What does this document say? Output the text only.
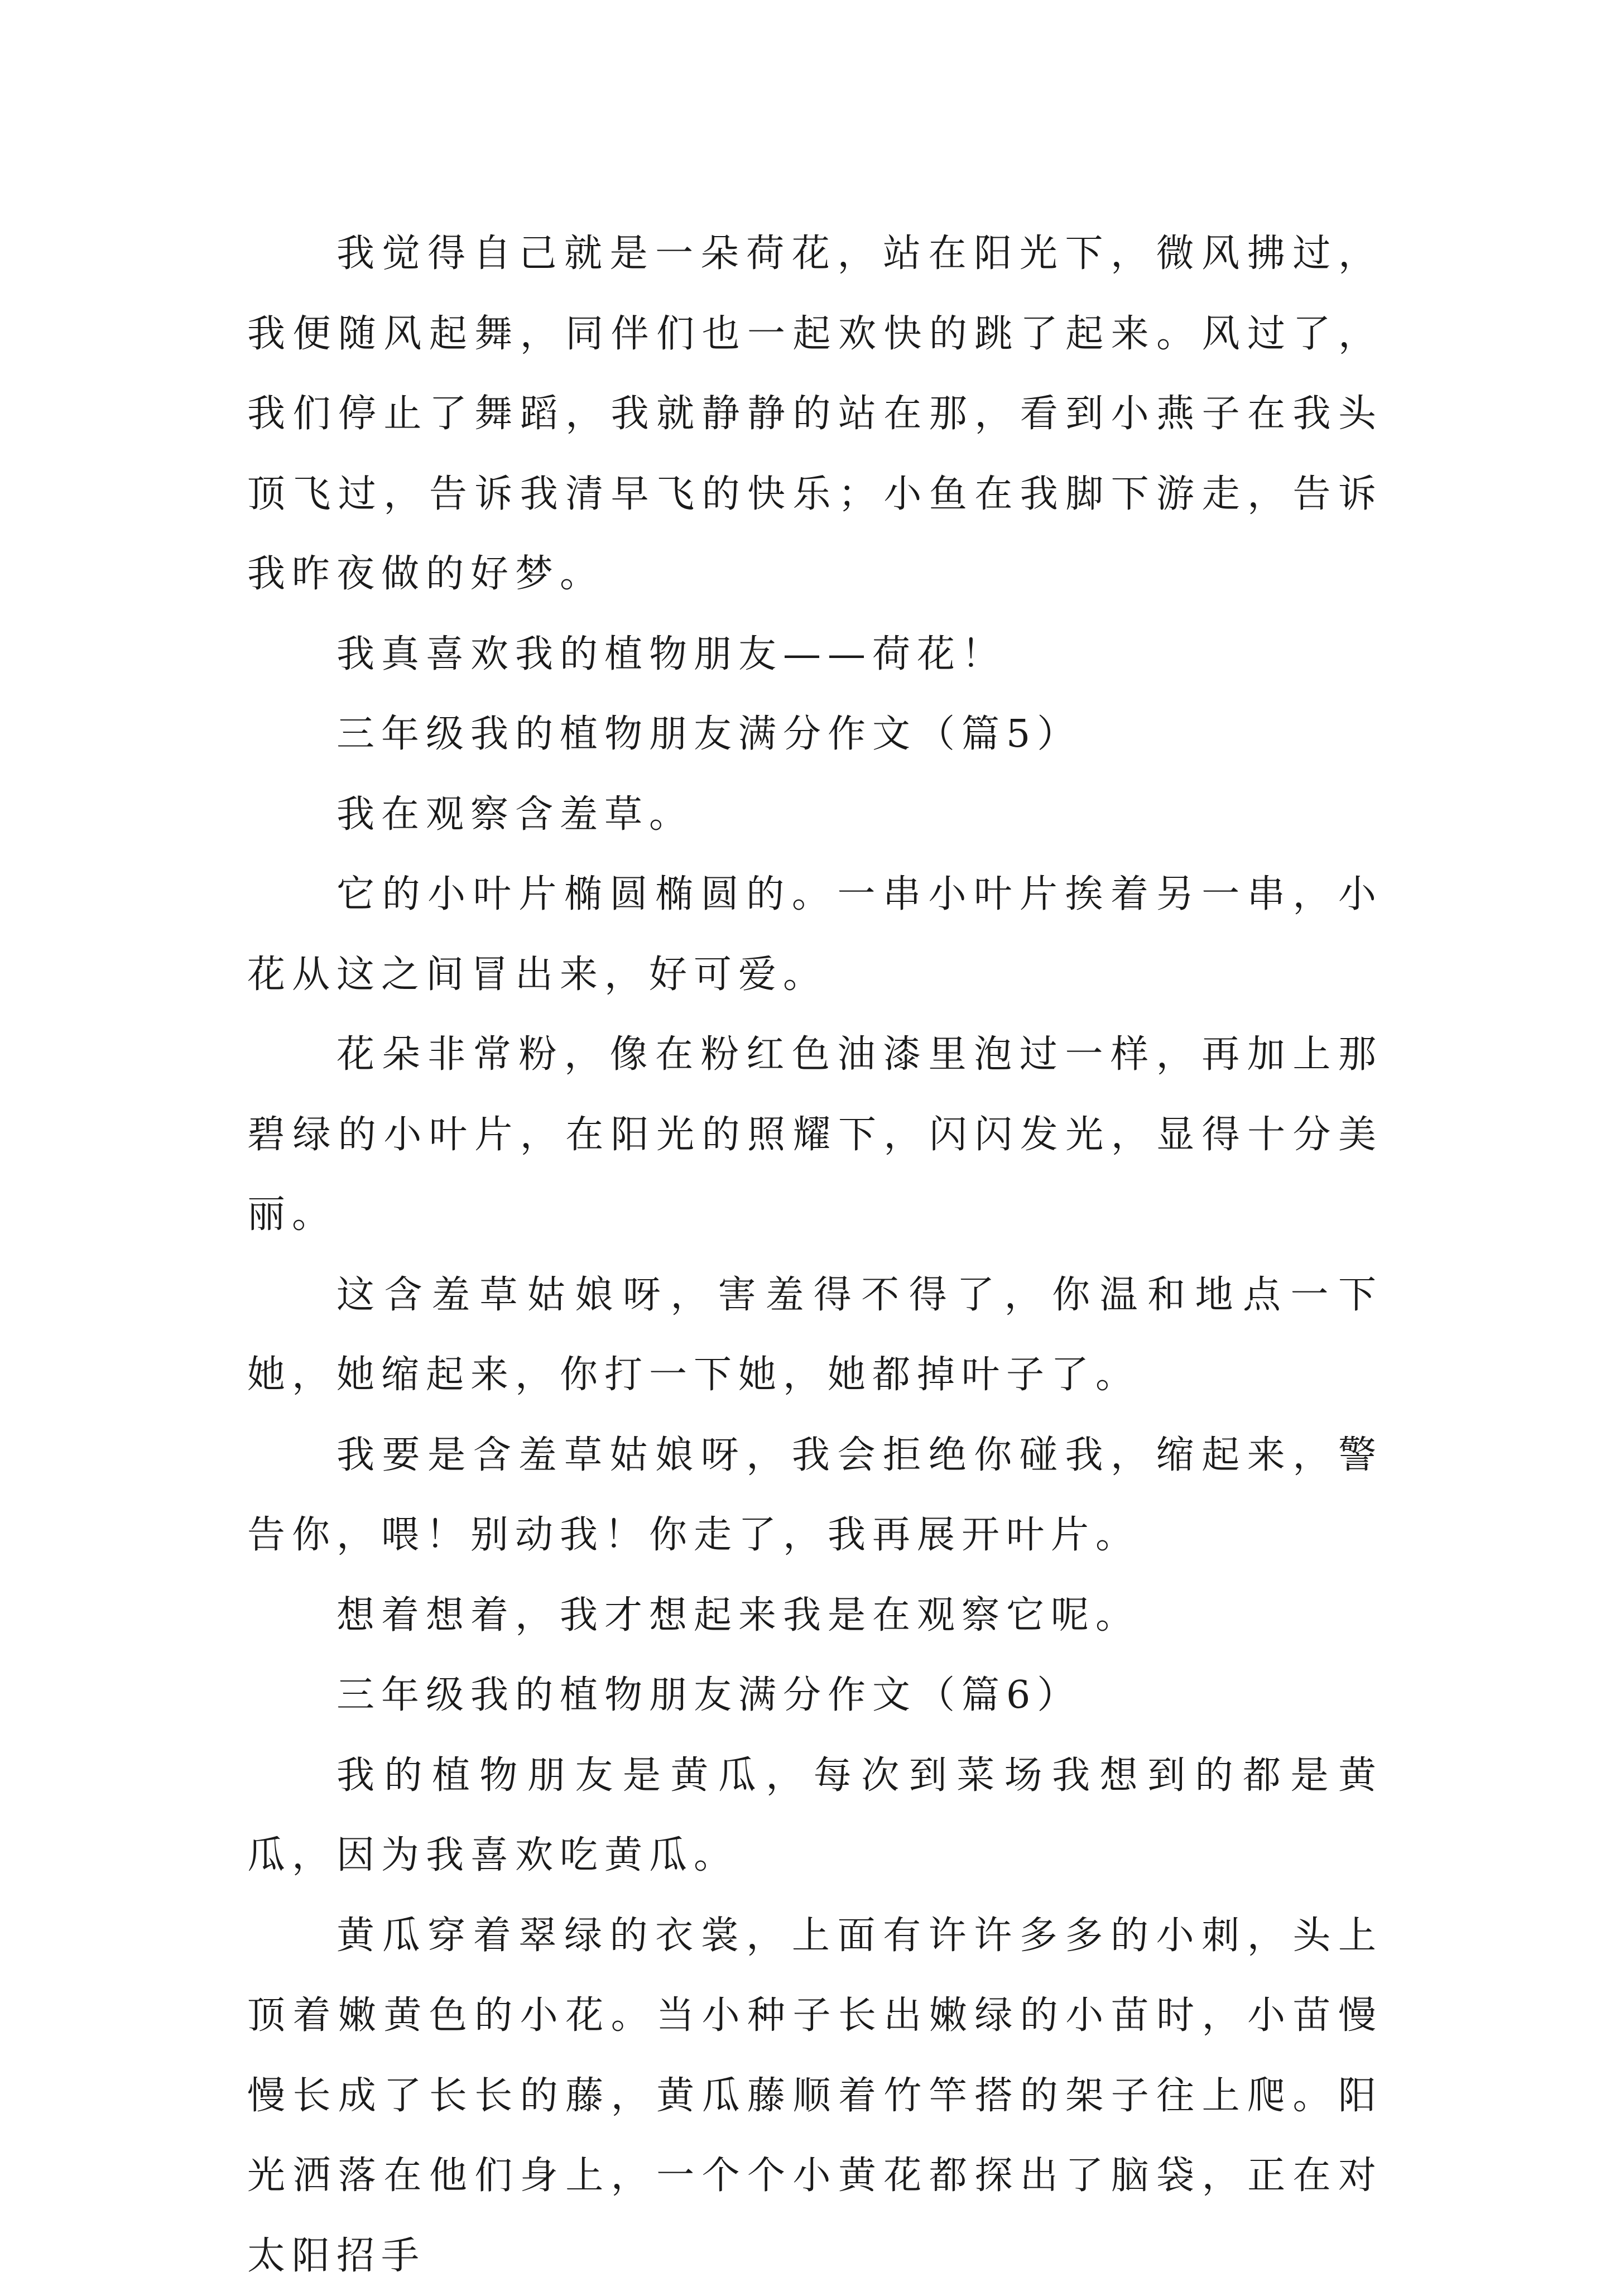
我觉得自己就是一朵荷花，站在阳光下，微风拂过，我便随风起舞，同伴们也一起欢快的跳了起来。风过了，我们停止了舞蹈，我就静静的站在那，看到小燕子在我头顶飞过，告诉我清早飞的快乐；小鱼在我脚下游走，告诉我昨夜做的好梦。

我真喜欢我的植物朋友——荷花！

三年级我的植物朋友满分作文（篇5）

我在观察含羞草。

它的小叶片椭圆椭圆的。一串小叶片挨着另一串，小花从这之间冒出来，好可爱。

花朵非常粉，像在粉红色油漆里泡过一样，再加上那碧绿的小叶片，在阳光的照耀下，闪闪发光，显得十分美丽。

这含羞草姑娘呀，害羞得不得了，你温和地点一下她，她缩起来，你打一下她，她都掉叶子了。

我要是含羞草姑娘呀，我会拒绝你碰我，缩起来，警告你，喂！别动我！你走了，我再展开叶片。

想着想着，我才想起来我是在观察它呢。

三年级我的植物朋友满分作文（篇6）

我的植物朋友是黄瓜，每次到菜场我想到的都是黄瓜，因为我喜欢吃黄瓜。

黄瓜穿着翠绿的衣裳，上面有许许多多的小刺，头上顶着嫩黄色的小花。当小种子长出嫩绿的小苗时，小苗慢慢长成了长长的藤，黄瓜藤顺着竹竿搭的架子往上爬。阳光洒落在他们身上，一个个小黄花都探出了脑袋，正在对太阳招手
